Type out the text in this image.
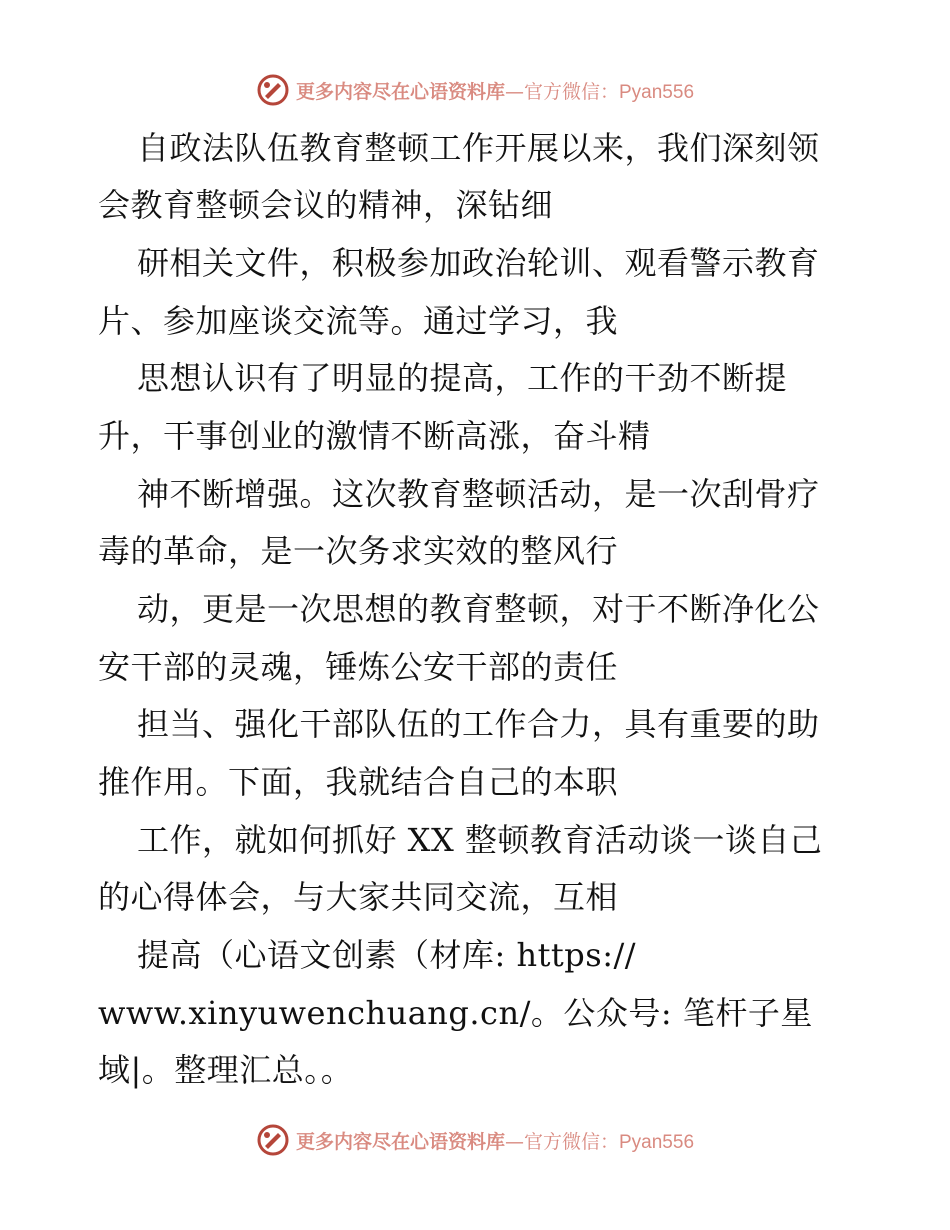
更多内容尽在心语资料库—官方微信：Pyan556
自政法队伍教育整顿工作开展以来，我们深刻领
会教育整顿会议的精神，深钻细
研相关文件，积极参加政治轮训、观看警示教育
片、参加座谈交流等。通过学习，我
思想认识有了明显的提高，工作的干劲不断提
升，干事创业的激情不断高涨，奋斗精
神不断增强。这次教育整顿活动，是一次刮骨疗
毒的革命，是一次务求实效的整风行
动，更是一次思想的教育整顿，对于不断净化公
安干部的灵魂，锤炼公安干部的责任
担当、强化干部队伍的工作合力，具有重要的助
推作用。下面，我就结合自己的本职
工作，就如何抓好 XX 整顿教育活动谈一谈自己
的心得体会，与大家共同交流，互相
提高（心语文创素（材库: https://
www.xinyuwenchuang.cn/。公众号: 笔杆子星
域|。整理汇总。。
更多内容尽在心语资料库—官方微信：Pyan556
